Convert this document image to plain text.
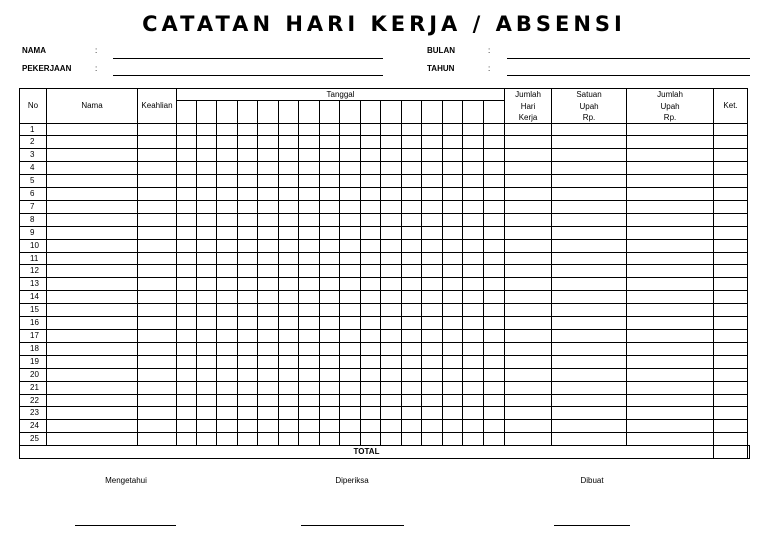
CATATAN HARI KERJA / ABSENSI
NAMA	:
PEKERJAAN	:
BULAN	:
TAHUN	:
No	Nama	Keahlian	Tanggal																Jumlah	Satuan	Jumlah	Ket.	
																			Hari	Upah	Upah		
																			Kerja	Rp.	Rp.		
1																							
2																							
3																							
4																							
5																							
6																							
7																							
8																							
9																							
10																							
11																							
12																							
13																							
14																							
15																							
16																							
17																							
18																							
19																							
20																							
21																							
22																							
23																							
24																							
25																							
TOTAL																							
Mengetahui	Diperiksa	Dibuat
